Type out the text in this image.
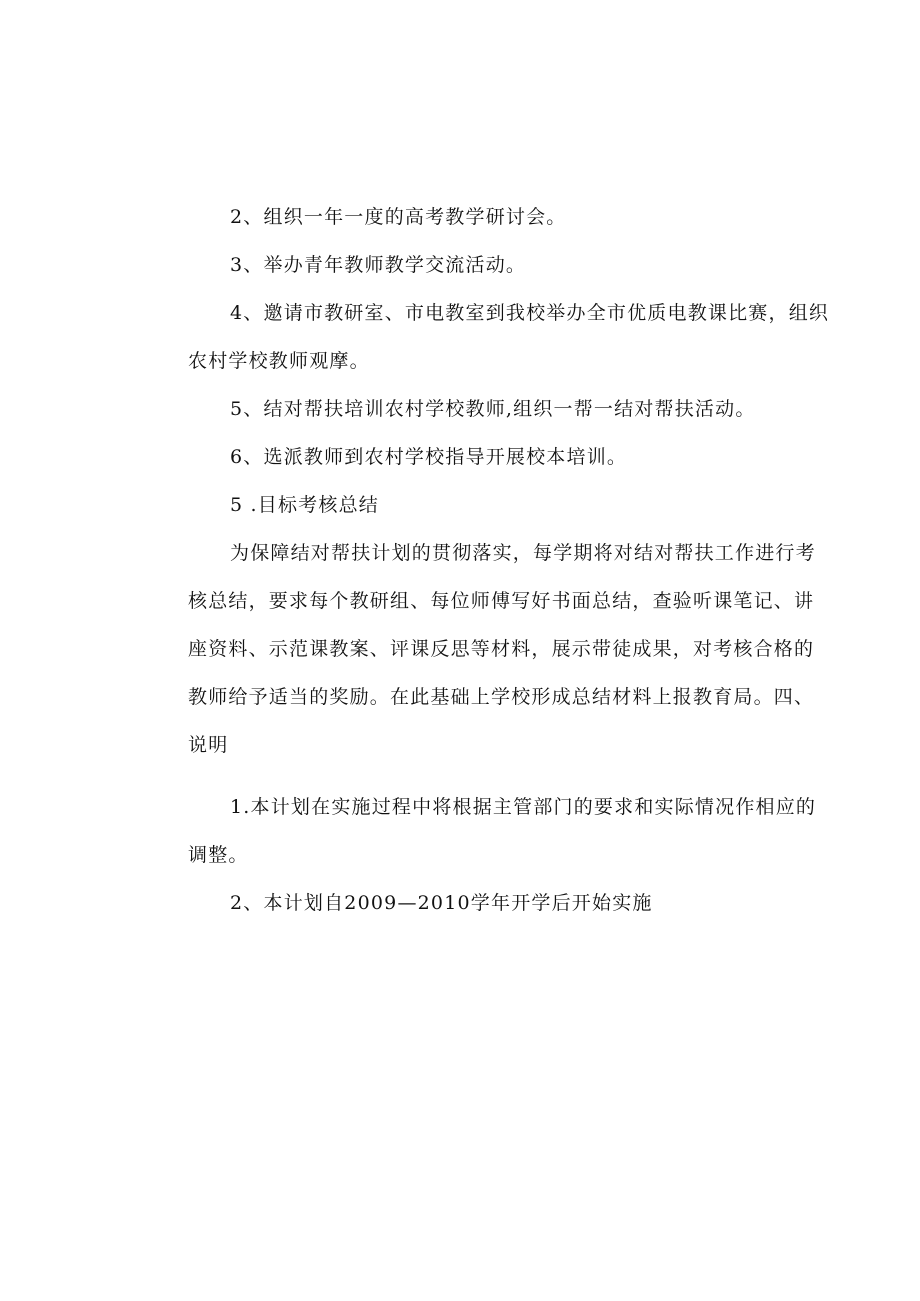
2、组织一年一度的高考教学研讨会。

3、举办青年教师教学交流活动。

4、邀请市教研室、市电教室到我校举办全市优质电教课比赛，组织农村学校教师观摩。

5、结对帮扶培训农村学校教师,组织一帮一结对帮扶活动。

6、选派教师到农村学校指导开展校本培训。

5 .目标考核总结

为保障结对帮扶计划的贯彻落实，每学期将对结对帮扶工作进行考核总结，要求每个教研组、每位师傅写好书面总结，查验听课笔记、讲座资料、示范课教案、评课反思等材料，展示带徒成果，对考核合格的教师给予适当的奖励。在此基础上学校形成总结材料上报教育局。四、说明

1.本计划在实施过程中将根据主管部门的要求和实际情况作相应的调整。

2、本计划自2009—2010学年开学后开始实施
